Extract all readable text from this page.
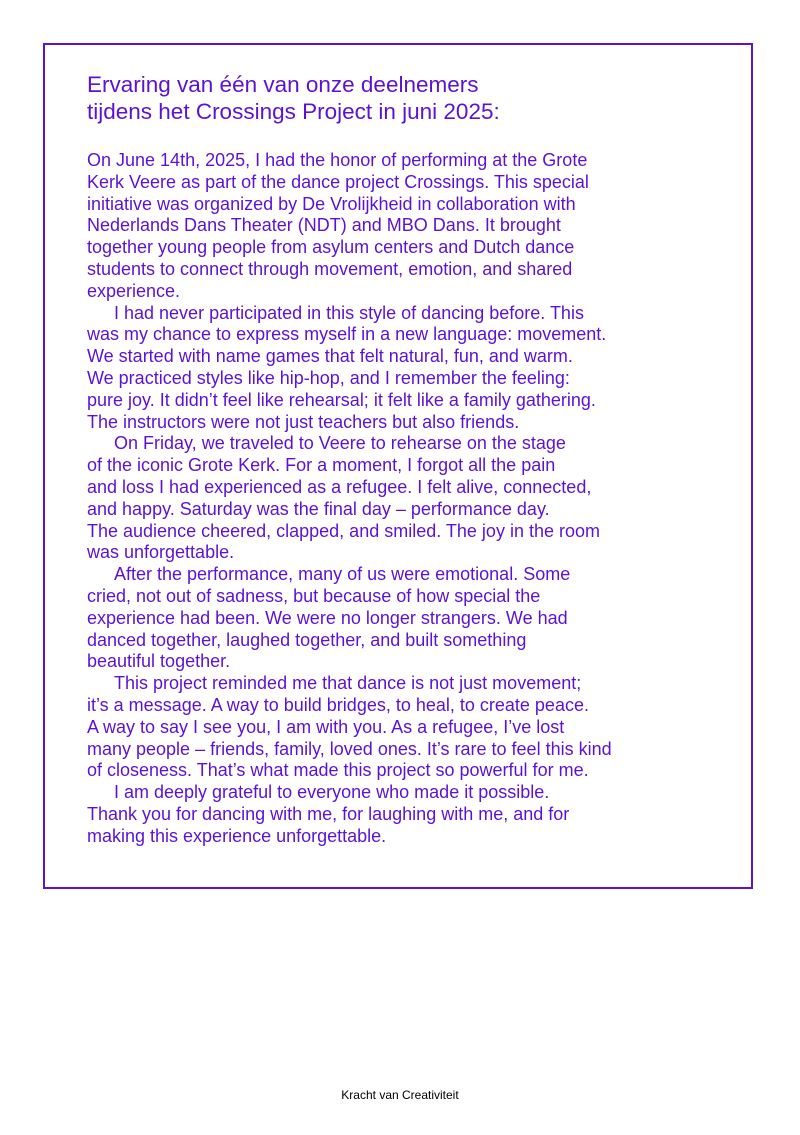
Ervaring van één van onze deelnemers
tijdens het Crossings Project in juni 2025:

On June 14th, 2025, I had the honor of performing at the Grote
Kerk Veere as part of the dance project Crossings. This special
initiative was organized by De Vrolijkheid in collaboration with
Nederlands Dans Theater (NDT) and MBO Dans. It brought
together young people from asylum centers and Dutch dance
students to connect through movement, emotion, and shared
experience.

I had never participated in this style of dancing before. This
was my chance to express myself in a new language: movement.
We started with name games that felt natural, fun, and warm.
We practiced styles like hip-hop, and I remember the feeling:
pure joy. It didn’t feel like rehearsal; it felt like a family gathering.
The instructors were not just teachers but also friends.

On Friday, we traveled to Veere to rehearse on the stage
of the iconic Grote Kerk. For a moment, I forgot all the pain
and loss I had experienced as a refugee. I felt alive, connected,
and happy. Saturday was the final day – performance day.
The audience cheered, clapped, and smiled. The joy in the room
was unforgettable.

After the performance, many of us were emotional. Some
cried, not out of sadness, but because of how special the
experience had been. We were no longer strangers. We had
danced together, laughed together, and built something
beautiful together.

This project reminded me that dance is not just movement;
it’s a message. A way to build bridges, to heal, to create peace.
A way to say I see you, I am with you. As a refugee, I’ve lost
many people – friends, family, loved ones. It’s rare to feel this kind
of closeness. That’s what made this project so powerful for me.

I am deeply grateful to everyone who made it possible.
Thank you for dancing with me, for laughing with me, and for
making this experience unforgettable.

Kracht van Creativiteit
